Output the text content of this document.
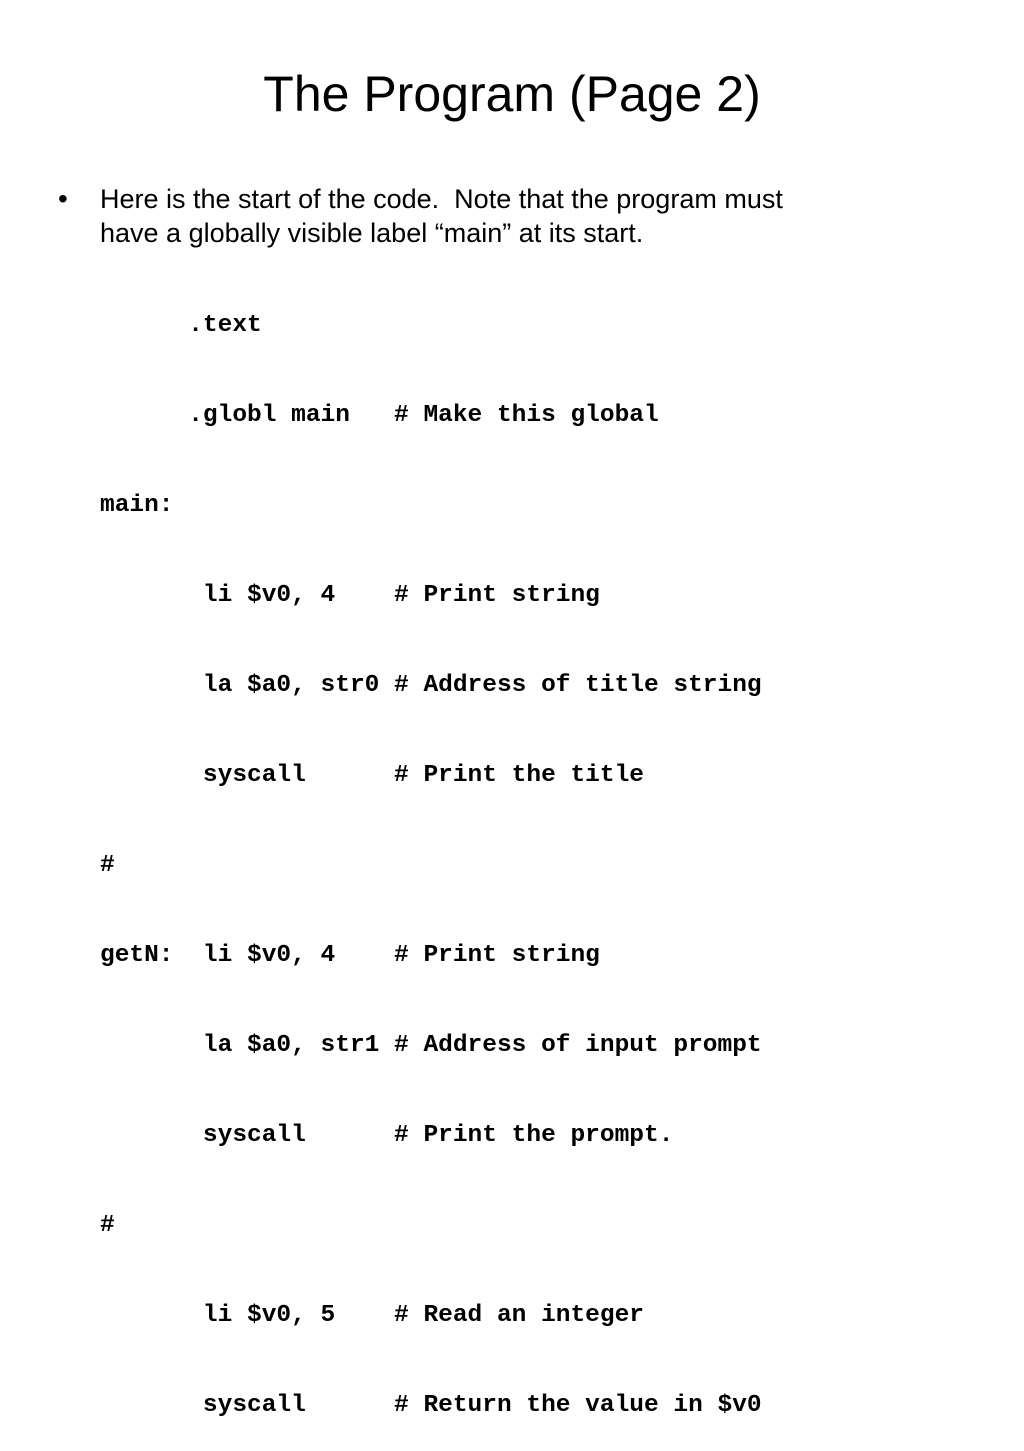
The Program (Page 2)
• Here is the start of the code.  Note that the program must
have a globally visible label “main” at its start.

.text

.globl main   # Make this global

main:

li $v0, 4    # Print string

la $a0, str0 # Address of title string

syscall      # Print the title

#

getN:  li $v0, 4    # Print string

la $a0, str1 # Address of input prompt

syscall      # Print the prompt.

#

li $v0, 5    # Read an integer

syscall      # Return the value in $v0
